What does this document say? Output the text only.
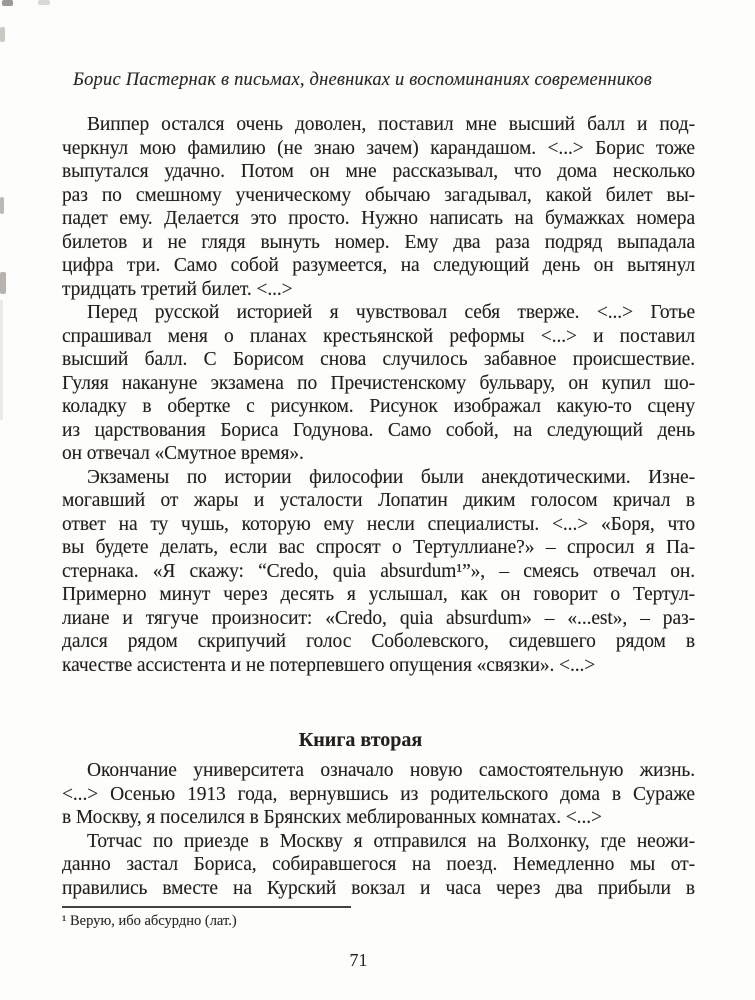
Борис Пастернак в письмах, дневниках и воспоминаниях современников
Виппер остался очень доволен, поставил мне высший балл и под-
черкнул мою фамилию (не знаю зачем) карандашом. <...> Борис тоже
выпутался удачно. Потом он мне рассказывал, что дома несколько
раз по смешному ученическому обычаю загадывал, какой билет вы-
падет ему. Делается это просто. Нужно написать на бумажках номера
билетов и не глядя вынуть номер. Ему два раза подряд выпадала
цифра три. Само собой разумеется, на следующий день он вытянул
тридцать третий билет. <...>
Перед русской историей я чувствовал себя тверже. <...> Готье
спрашивал меня о планах крестьянской реформы <...> и поставил
высший балл. С Борисом снова случилось забавное происшествие.
Гуляя накануне экзамена по Пречистенскому бульвару, он купил шо-
коладку в обертке с рисунком. Рисунок изображал какую-то сцену
из царствования Бориса Годунова. Само собой, на следующий день
он отвечал «Смутное время».
Экзамены по истории философии были анекдотическими. Изне-
могавший от жары и усталости Лопатин диким голосом кричал в
ответ на ту чушь, которую ему несли специалисты. <...> «Боря, что
вы будете делать, если вас спросят о Тертуллиане?» – спросил я Па-
стернака. «Я скажу: “Credo, quia absurdum¹”», – смеясь отвечал он.
Примерно минут через десять я услышал, как он говорит о Тертул-
лиане и тягуче произносит: «Credo, quia absurdum» – «...est», – раз-
дался рядом скрипучий голос Соболевского, сидевшего рядом в
качестве ассистента и не потерпевшего опущения «связки». <...>
Книга вторая
Окончание университета означало новую самостоятельную жизнь.
<...> Осенью 1913 года, вернувшись из родительского дома в Сураже
в Москву, я поселился в Брянских меблированных комнатах. <...>
Тотчас по приезде в Москву я отправился на Волхонку, где неожи-
данно застал Бориса, собиравшегося на поезд. Немедленно мы от-
правились вместе на Курский вокзал и часа через два прибыли в
¹ Верую, ибо абсурдно (лат.)
71
